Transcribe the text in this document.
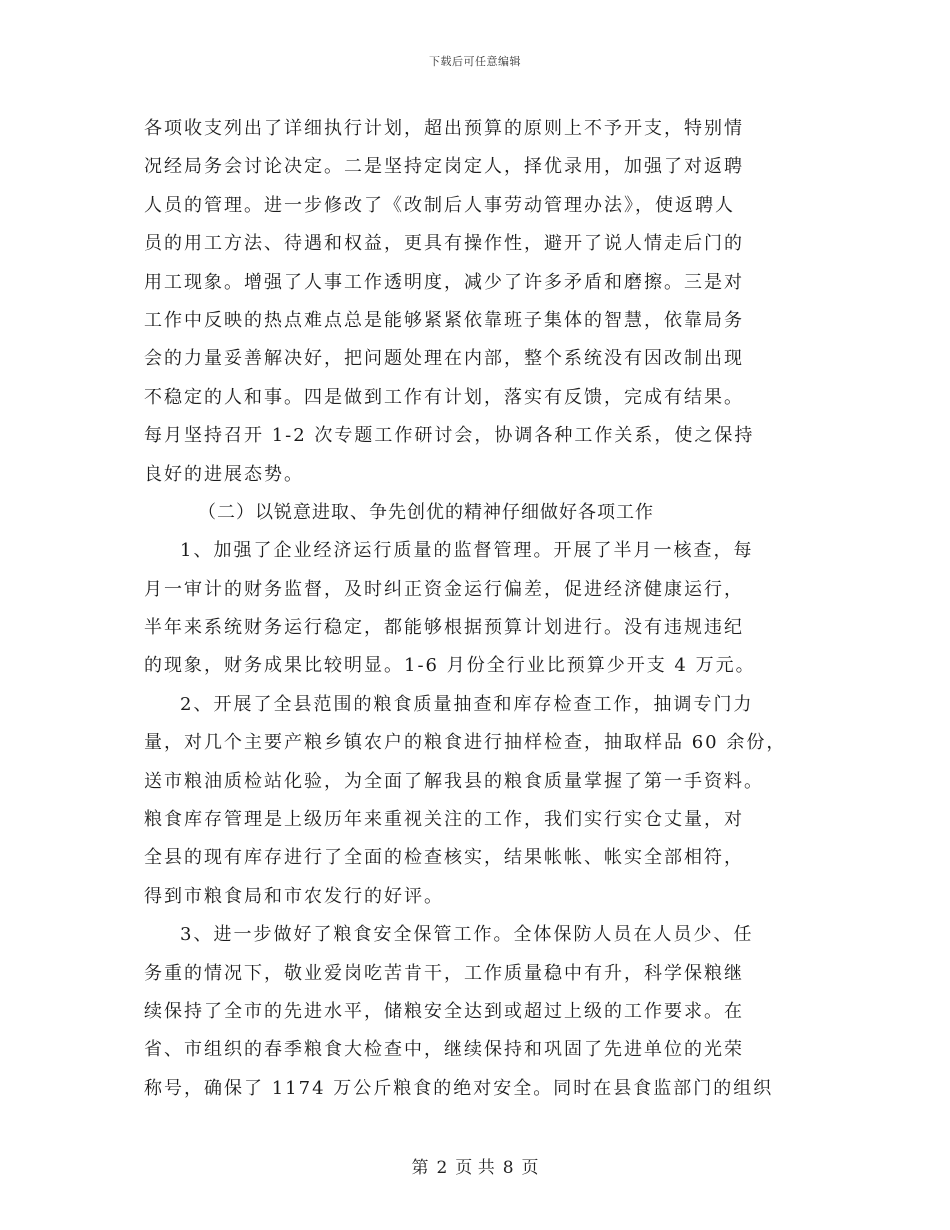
下载后可任意编辑
各项收支列出了详细执行计划，超出预算的原则上不予开支，特别情
况经局务会讨论决定。二是坚持定岗定人，择优录用，加强了对返聘
人员的管理。进一步修改了《改制后人事劳动管理办法》，使返聘人
员的用工方法、待遇和权益，更具有操作性，避开了说人情走后门的
用工现象。增强了人事工作透明度，减少了许多矛盾和磨擦。三是对
工作中反映的热点难点总是能够紧紧依靠班子集体的智慧，依靠局务
会的力量妥善解决好，把问题处理在内部，整个系统没有因改制出现
不稳定的人和事。四是做到工作有计划，落实有反馈，完成有结果。
每月坚持召开 1-2 次专题工作研讨会，协调各种工作关系，使之保持
良好的进展态势。
（二）以锐意进取、争先创优的精神仔细做好各项工作
1、加强了企业经济运行质量的监督管理。开展了半月一核查，每
月一审计的财务监督，及时纠正资金运行偏差，促进经济健康运行，
半年来系统财务运行稳定，都能够根据预算计划进行。没有违规违纪
的现象，财务成果比较明显。1-6 月份全行业比预算少开支 4 万元。
2、开展了全县范围的粮食质量抽查和库存检查工作，抽调专门力
量，对几个主要产粮乡镇农户的粮食进行抽样检查，抽取样品 60 余份，
送市粮油质检站化验，为全面了解我县的粮食质量掌握了第一手资料。
粮食库存管理是上级历年来重视关注的工作，我们实行实仓丈量，对
全县的现有库存进行了全面的检查核实，结果帐帐、帐实全部相符，
得到市粮食局和市农发行的好评。
3、进一步做好了粮食安全保管工作。全体保防人员在人员少、任
务重的情况下，敬业爱岗吃苦肯干，工作质量稳中有升，科学保粮继
续保持了全市的先进水平，储粮安全达到或超过上级的工作要求。在
省、市组织的春季粮食大检查中，继续保持和巩固了先进单位的光荣
称号，确保了 1174 万公斤粮食的绝对安全。同时在县食监部门的组织
第 2 页 共 8 页
